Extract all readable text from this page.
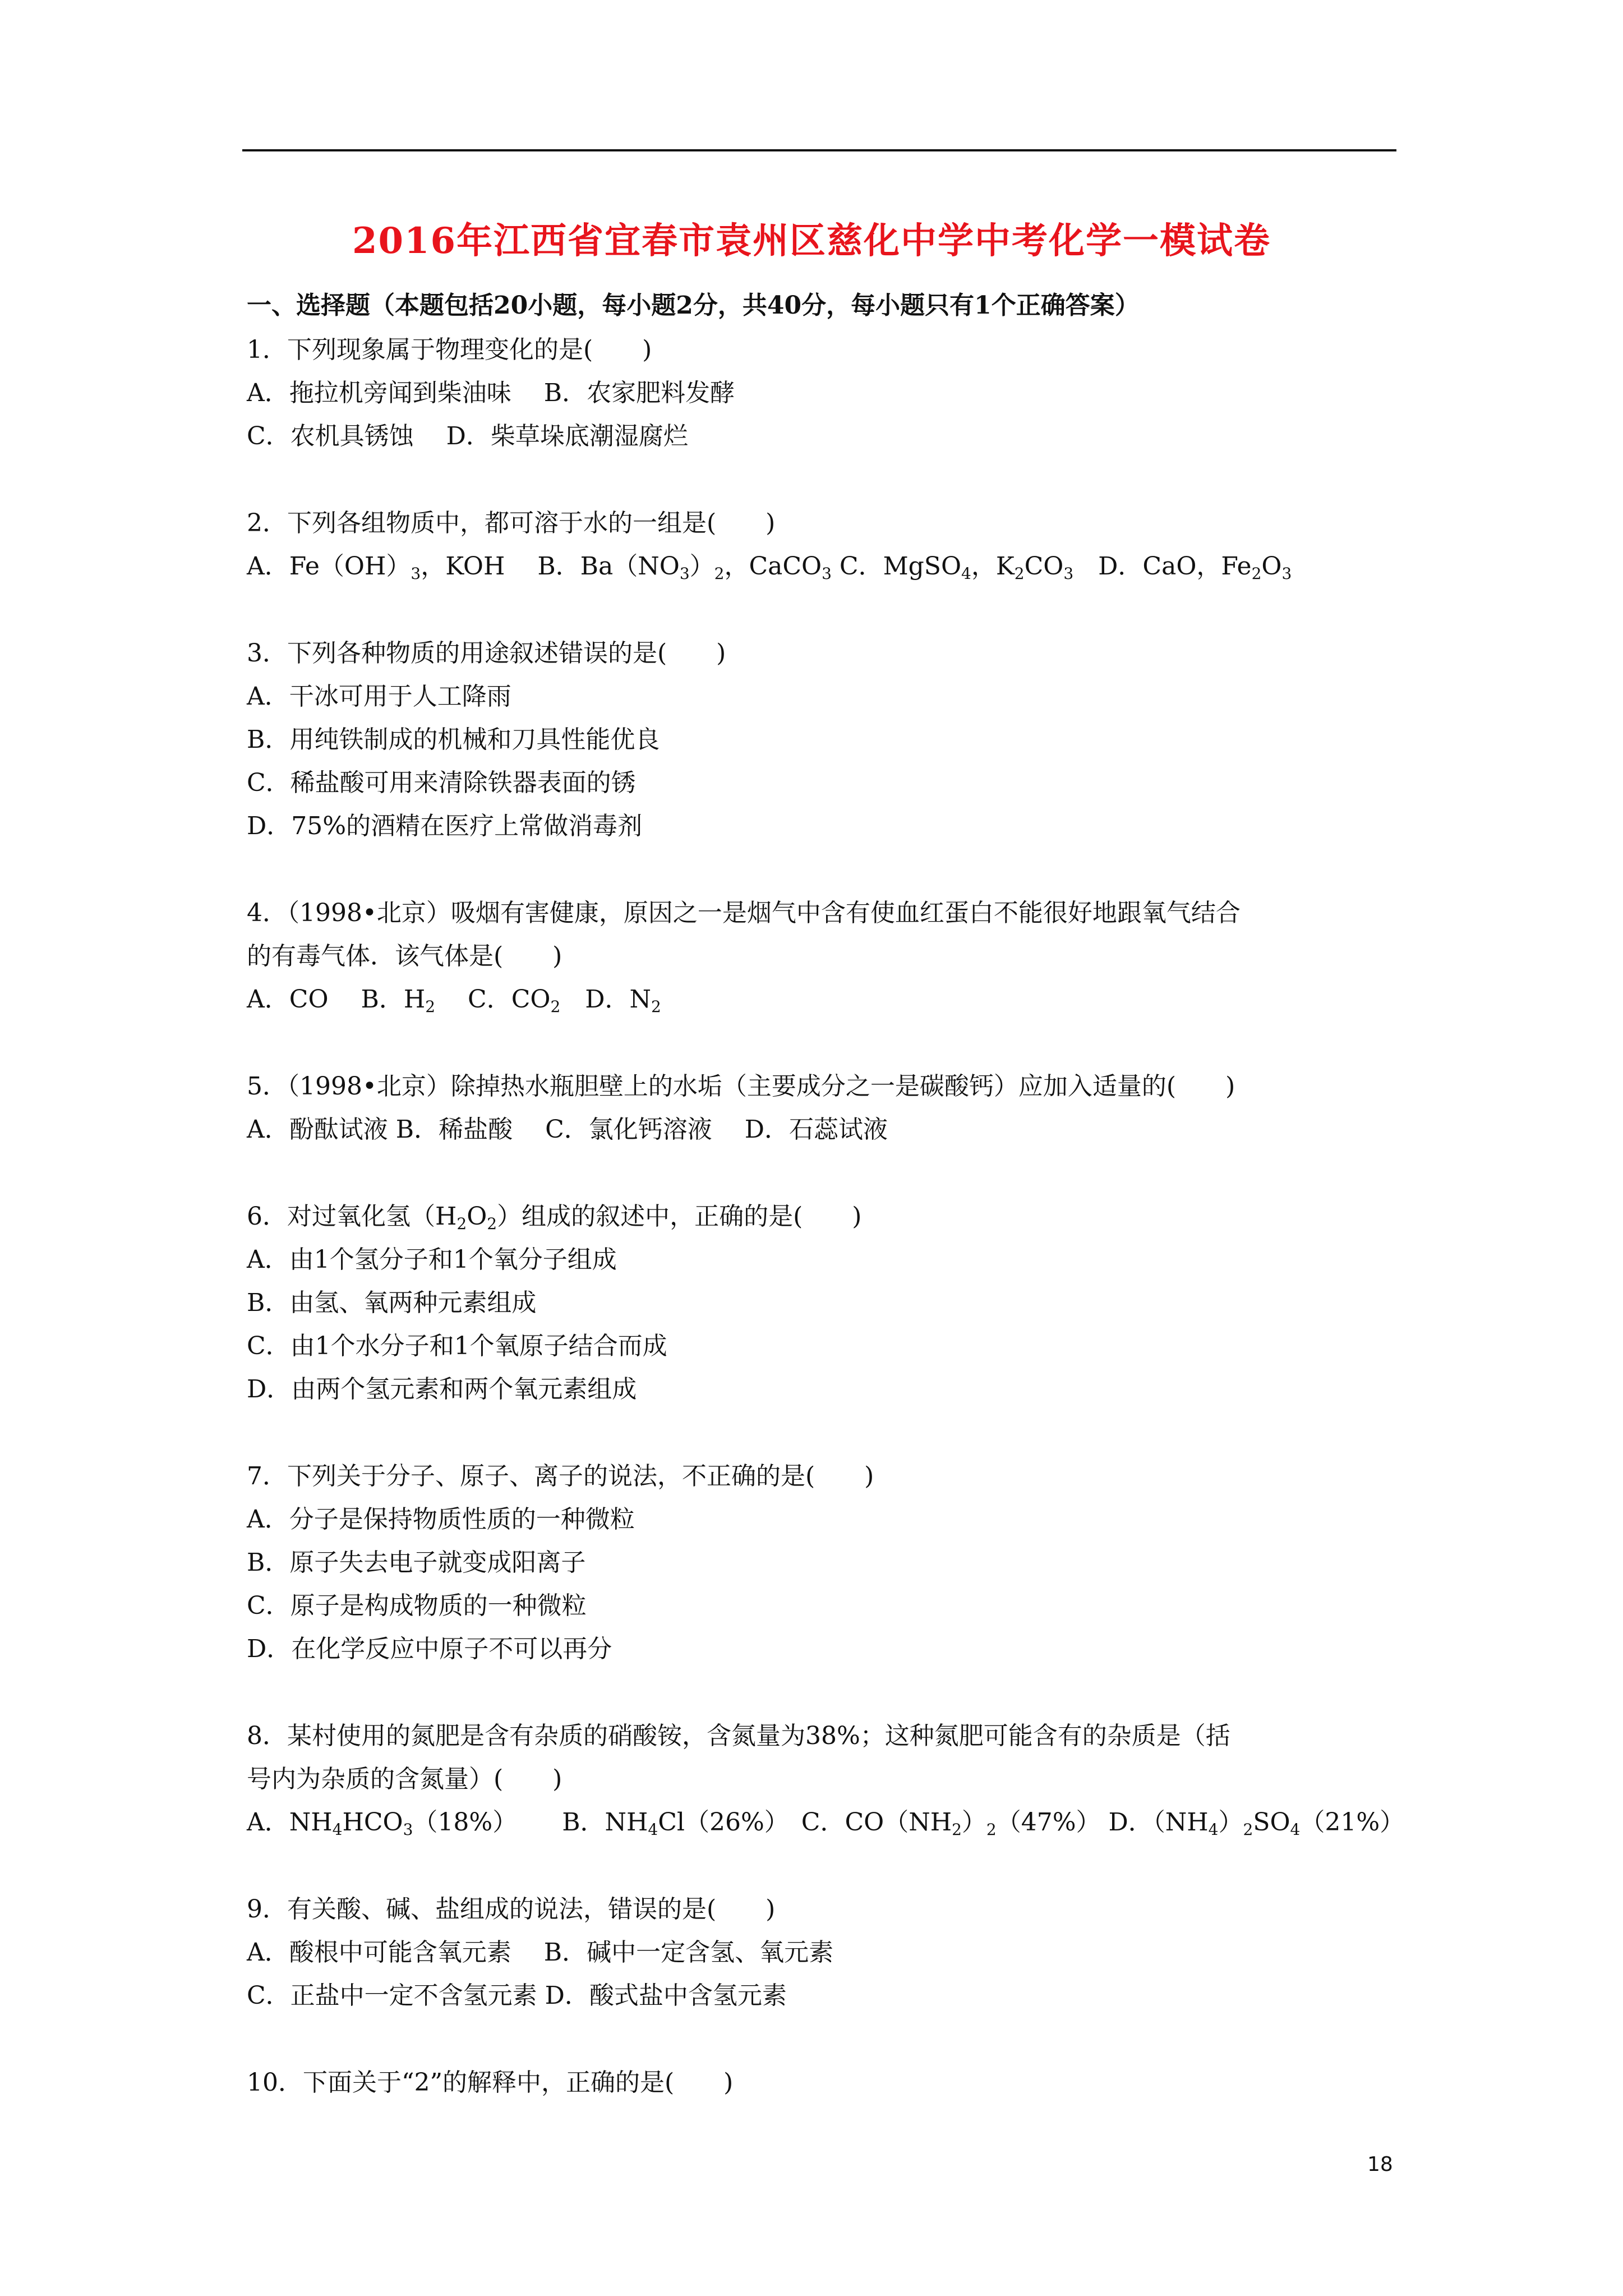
2016年江西省宜春市袁州区慈化中学中考化学一模试卷
一、选择题（本题包括20小题，每小题2分，共40分，每小题只有1个正确答案）
1．下列现象属于物理变化的是(　　)
A．拖拉机旁闻到柴油味　 B．农家肥料发酵
C．农机具锈蚀　 D．柴草垛底潮湿腐烂
2．下列各组物质中，都可溶于水的一组是(　　)
A．$Fe(OH)_3$，KOH　 B．$Ba(NO_3)_2$，CaCO$_3$ C．MgSO$_4$，$K_2CO_3$　D．CaO，$Fe_2O_3$
3．下列各种物质的用途叙述错误的是(　　)
A．干冰可用于人工降雨
B．用纯铁制成的机械和刀具性能优良
C．稀盐酸可用来清除铁器表面的锈
D．75%的酒精在医疗上常做消毒剂
4．（1998•北京）吸烟有害健康，原因之一是烟气中含有使血红蛋白不能很好地跟氧气结合
的有毒气体．该气体是(　　)
A．CO　 B．$H_2$　 C．$CO_2$　D．$N_2$
5．（1998•北京）除掉热水瓶胆壁上的水垢（主要成分之一是碳酸钙）应加入适量的(　　)
A．酚酞试液 B．稀盐酸　 C．氯化钙溶液　 D．石蕊试液
6．对过氧化氢$(H_2O_2)$组成的叙述中，正确的是(　　)
A．由1个氢分子和1个氧分子组成
B．由氢、氧两种元素组成
C．由1个水分子和1个氧原子结合而成
D．由两个氢元素和两个氧元素组成
7．下列关于分子、原子、离子的说法，不正确的是(　　)
A．分子是保持物质性质的一种微粒
B．原子失去电子就变成阳离子
C．原子是构成物质的一种微粒
D．在化学反应中原子不可以再分
8．某村使用的氮肥是含有杂质的硝酸铵，含氮量为38%；这种氮肥可能含有的杂质是（括
号内为杂质的含氮量）(　　)
A．$NH_4HCO_3(18\%)$　　 B．$NH_4Cl(26\%)$　C．$CO(NH_2)_2(47\%)$ D．$(NH_4)_2SO_4(21\%)$
9．有关酸、碱、盐组成的说法，错误的是(　　)
A．酸根中可能含氧元素　 B．碱中一定含氢、氧元素
C．正盐中一定不含氢元素 D．酸式盐中含氢元素
10．下面关于“2”的解释中，正确的是(　　)
18
